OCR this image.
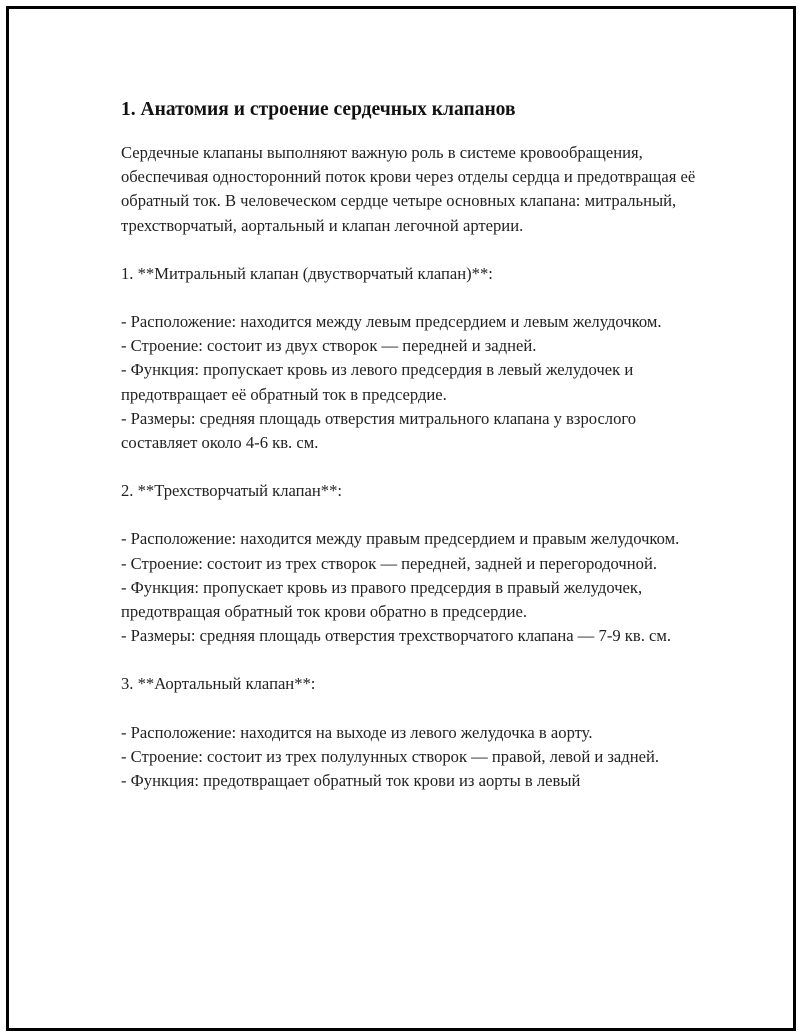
1. Анатомия и строение сердечных клапанов

Сердечные клапаны выполняют важную роль в системе кровообращения, обеспечивая односторонний поток крови через отделы сердца и предотвращая её обратный ток. В человеческом сердце четыре основных клапана: митральный, трехстворчатый, аортальный и клапан легочной артерии.

1. **Митральный клапан (двустворчатый клапан)**:

- Расположение: находится между левым предсердием и левым желудочком.

- Строение: состоит из двух створок — передней и задней.

- Функция: пропускает кровь из левого предсердия в левый желудочек и предотвращает её обратный ток в предсердие.

- Размеры: средняя площадь отверстия митрального клапана у взрослого составляет около 4-6 кв. см.

2. **Трехстворчатый клапан**:

- Расположение: находится между правым предсердием и правым желудочком.

- Строение: состоит из трех створок — передней, задней и перегородочной.

- Функция: пропускает кровь из правого предсердия в правый желудочек, предотвращая обратный ток крови обратно в предсердие.

- Размеры: средняя площадь отверстия трехстворчатого клапана — 7-9 кв. см.

3. **Аортальный клапан**:

- Расположение: находится на выходе из левого желудочка в аорту.

- Строение: состоит из трех полулунных створок — правой, левой и задней.

- Функция: предотвращает обратный ток крови из аорты в левый
